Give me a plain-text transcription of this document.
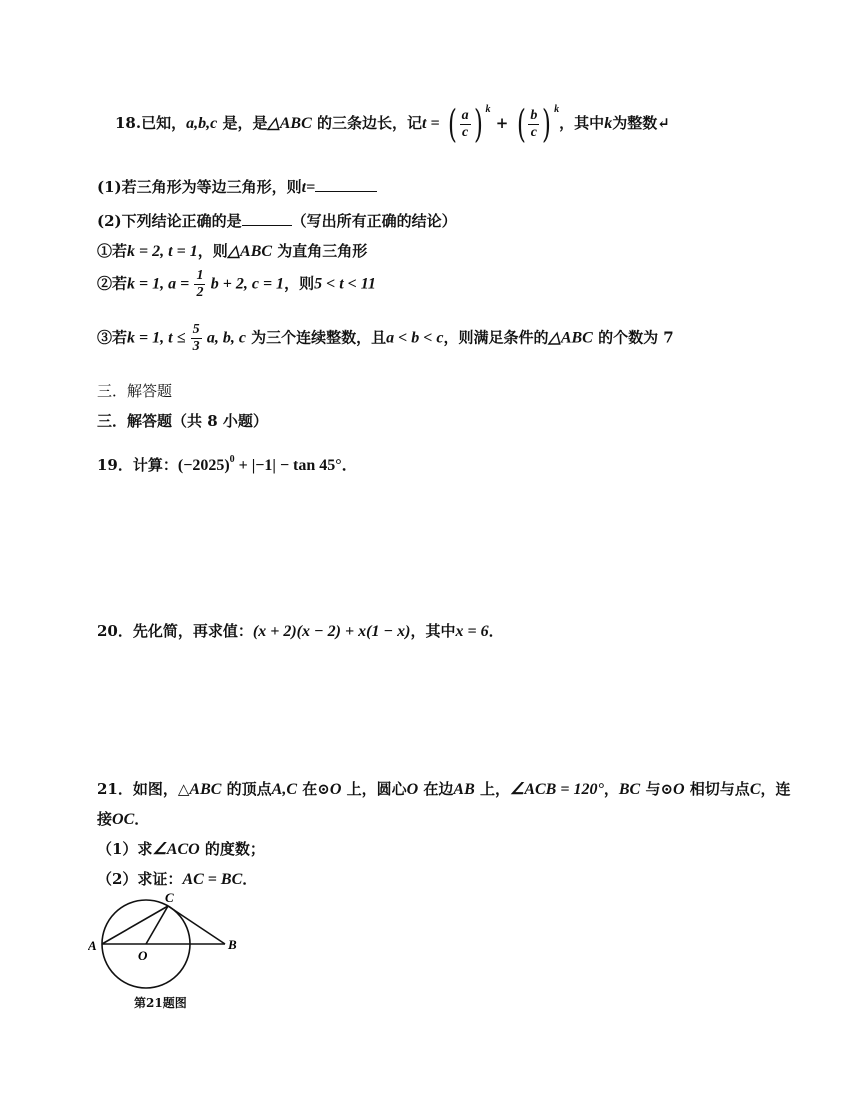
18.已知，a,b,c 是，是△ABC 的三条边长，记t = ( $\frac{a}{c}$ ) $^k$ + ( $\frac{b}{c}$ ) $^k$，其中k为整数↵
(1)若三角形为等边三角形，则t=
(2)下列结论正确的是	（写出所有正确的结论）
①若k = 2, t = 1，则△ABC 为直角三角形
②若k = 1, $a = \frac{1}{2}$ b + 2, c = 1，则5 < t < 11
③若k = 1, $t \le \frac{5}{3} a$, b, c 为三个连续整数，且a < b < c，则满足条件的△ABC 的个数为 7
三．解答题
三．解答题（共 8 小题）
19．计算：$(-2025)^0 + |-1| - \tan 45^\circ$．
20．先化简，再求值：(x + 2)(x − 2) + x(1 − x)，其中x = 6．
21．如图，△ABC 的顶点A,C 在⊙O 上，圆心O 在边AB 上，∠ACB = 120°，BC 与⊙O 相切与点C，连
接OC．
（1）求∠ACO 的度数；
（2）求证：AC = BC．
A	B
C
O
第21题图
